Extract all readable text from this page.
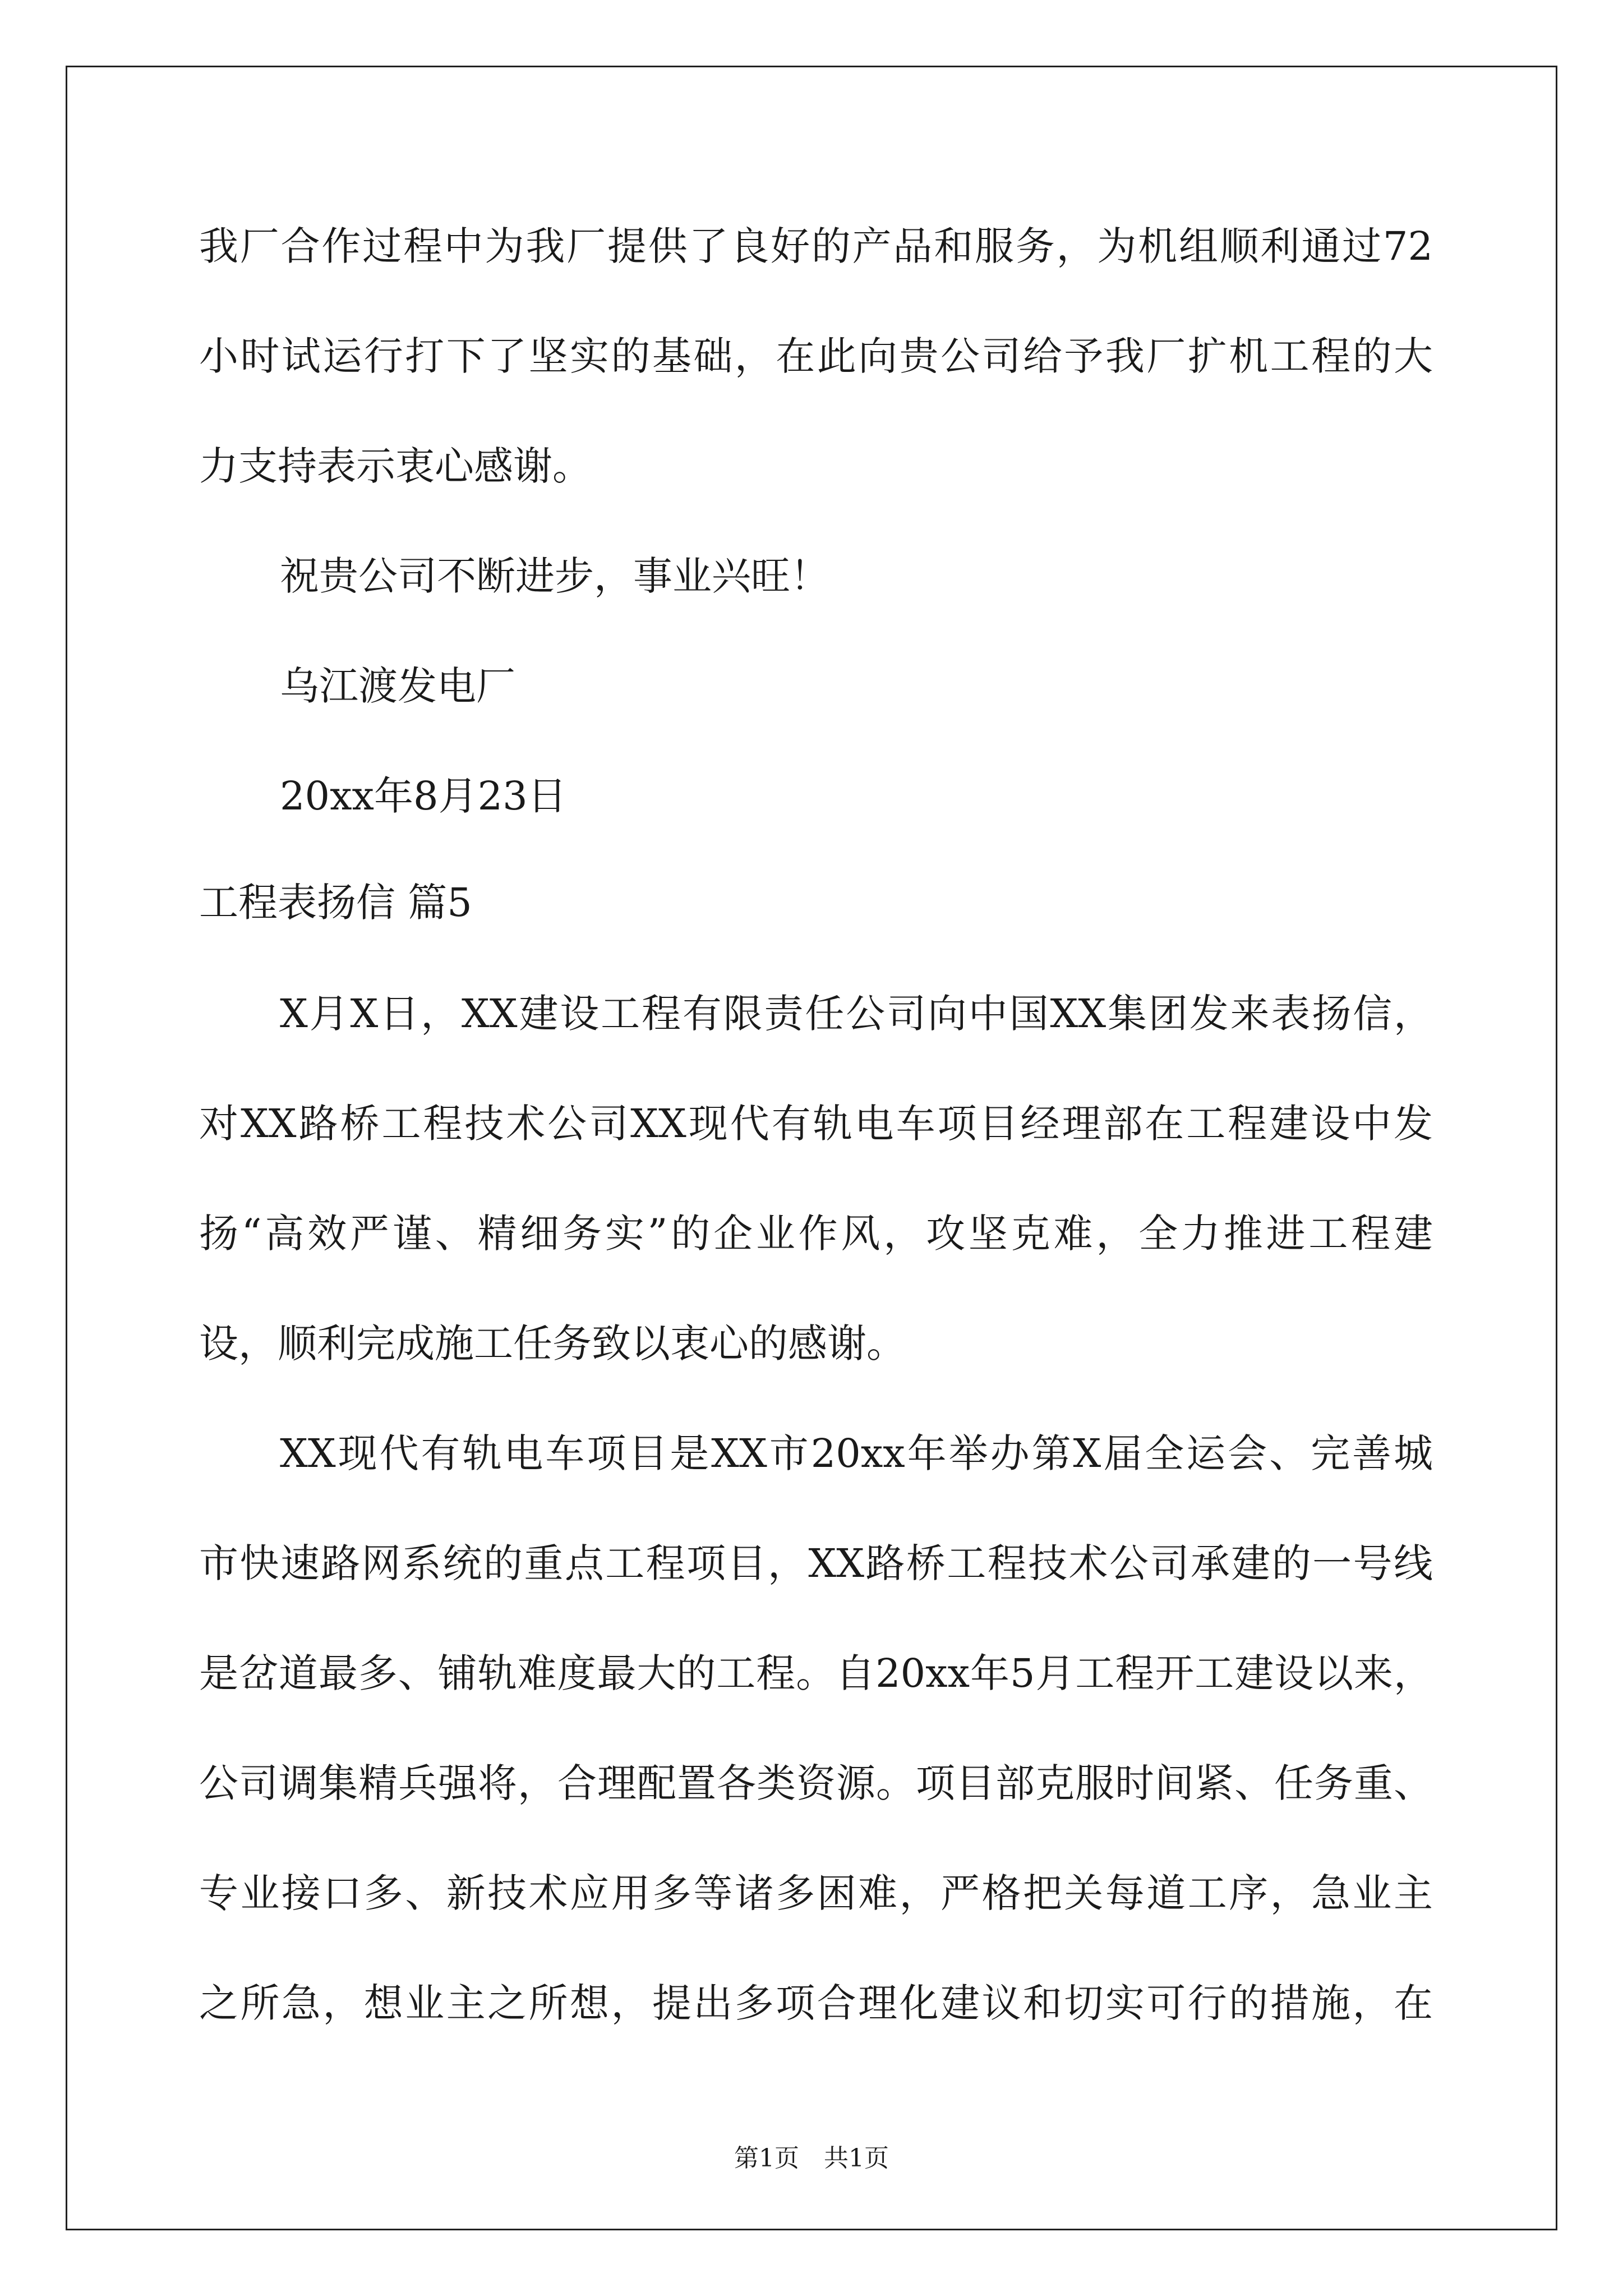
我厂合作过程中为我厂提供了良好的产品和服务，为机组顺利通过72
小时试运行打下了坚实的基础，在此向贵公司给予我厂扩机工程的大
力支持表示衷心感谢。
祝贵公司不断进步，事业兴旺！
乌江渡发电厂
20xx年8月23日
工程表扬信 篇5
X月X日，XX建设工程有限责任公司向中国XX集团发来表扬信，
对XX路桥工程技术公司XX现代有轨电车项目经理部在工程建设中发
扬“高效严谨、精细务实”的企业作风，攻坚克难，全力推进工程建
设，顺利完成施工任务致以衷心的感谢。
XX现代有轨电车项目是XX市20xx年举办第X届全运会、完善城
市快速路网系统的重点工程项目，XX路桥工程技术公司承建的一号线
是岔道最多、铺轨难度最大的工程。自20xx年5月工程开工建设以来，
公司调集精兵强将，合理配置各类资源。项目部克服时间紧、任务重、
专业接口多、新技术应用多等诸多困难，严格把关每道工序，急业主
之所急，想业主之所想，提出多项合理化建议和切实可行的措施，在
第1页　共1页
